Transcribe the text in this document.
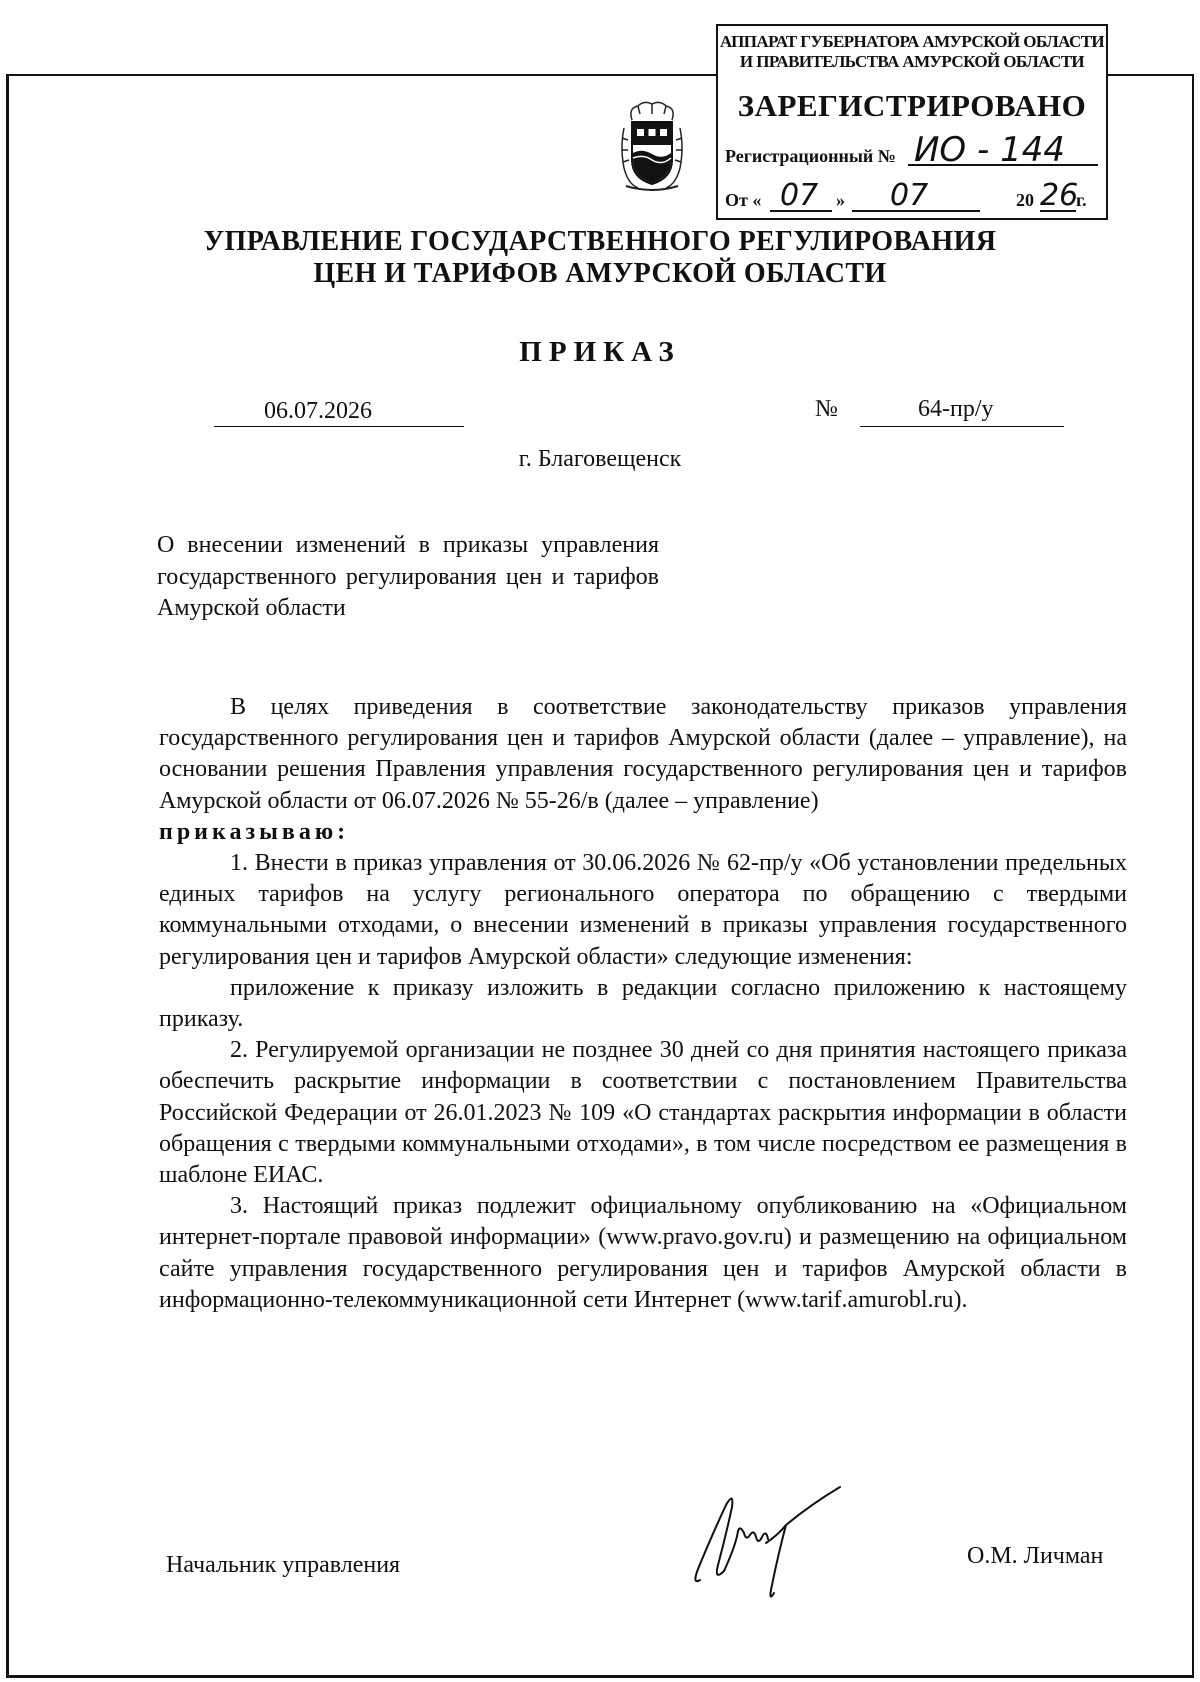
АППАРАТ ГУБЕРНАТОРА АМУРСКОЙ ОБЛАСТИ
И ПРАВИТЕЛЬСТВА АМУРСКОЙ ОБЛАСТИ
ЗАРЕГИСТРИРОВАНО
Регистрационный № ИО - 144
От « 07 » 07	20 26
г.
УПРАВЛЕНИЕ ГОСУДАРСТВЕННОГО РЕГУЛИРОВАНИЯ
ЦЕН И ТАРИФОВ АМУРСКОЙ ОБЛАСТИ
ПРИКАЗ
06.07.2026	№	64-пр/у
г. Благовещенск
О внесении изменений в приказы управления государственного регулирования цен и тарифов Амурской области

В целях приведения в соответствие законодательству приказов управления государственного регулирования цен и тарифов Амурской области (далее – управление), на основании решения Правления управления государственного регулирования цен и тарифов Амурской области от 06.07.2026 № 55-26/в (далее – управление)

приказываю:

1. Внести в приказ управления от 30.06.2026 № 62-пр/у «Об установлении предельных единых тарифов на услугу регионального оператора по обращению с твердыми коммунальными отходами, о внесении изменений в приказы управления государственного регулирования цен и тарифов Амурской области» следующие изменения:

приложение к приказу изложить в редакции согласно приложению к настоящему приказу.

2. Регулируемой организации не позднее 30 дней со дня принятия настоящего приказа обеспечить раскрытие информации в соответствии с постановлением Правительства Российской Федерации от 26.01.2023 № 109 «О стандартах раскрытия информации в области обращения с твердыми коммунальными отходами», в том числе посредством ее размещения в шаблоне ЕИАС.

3. Настоящий приказ подлежит официальному опубликованию на «Официальном интернет-портале правовой информации» (www.pravo.gov.ru) и размещению на официальном сайте управления государственного регулирования цен и тарифов Амурской области в информационно-телекоммуникационной сети Интернет (www.tarif.amurobl.ru).

Начальник управления	О.М. Личман
